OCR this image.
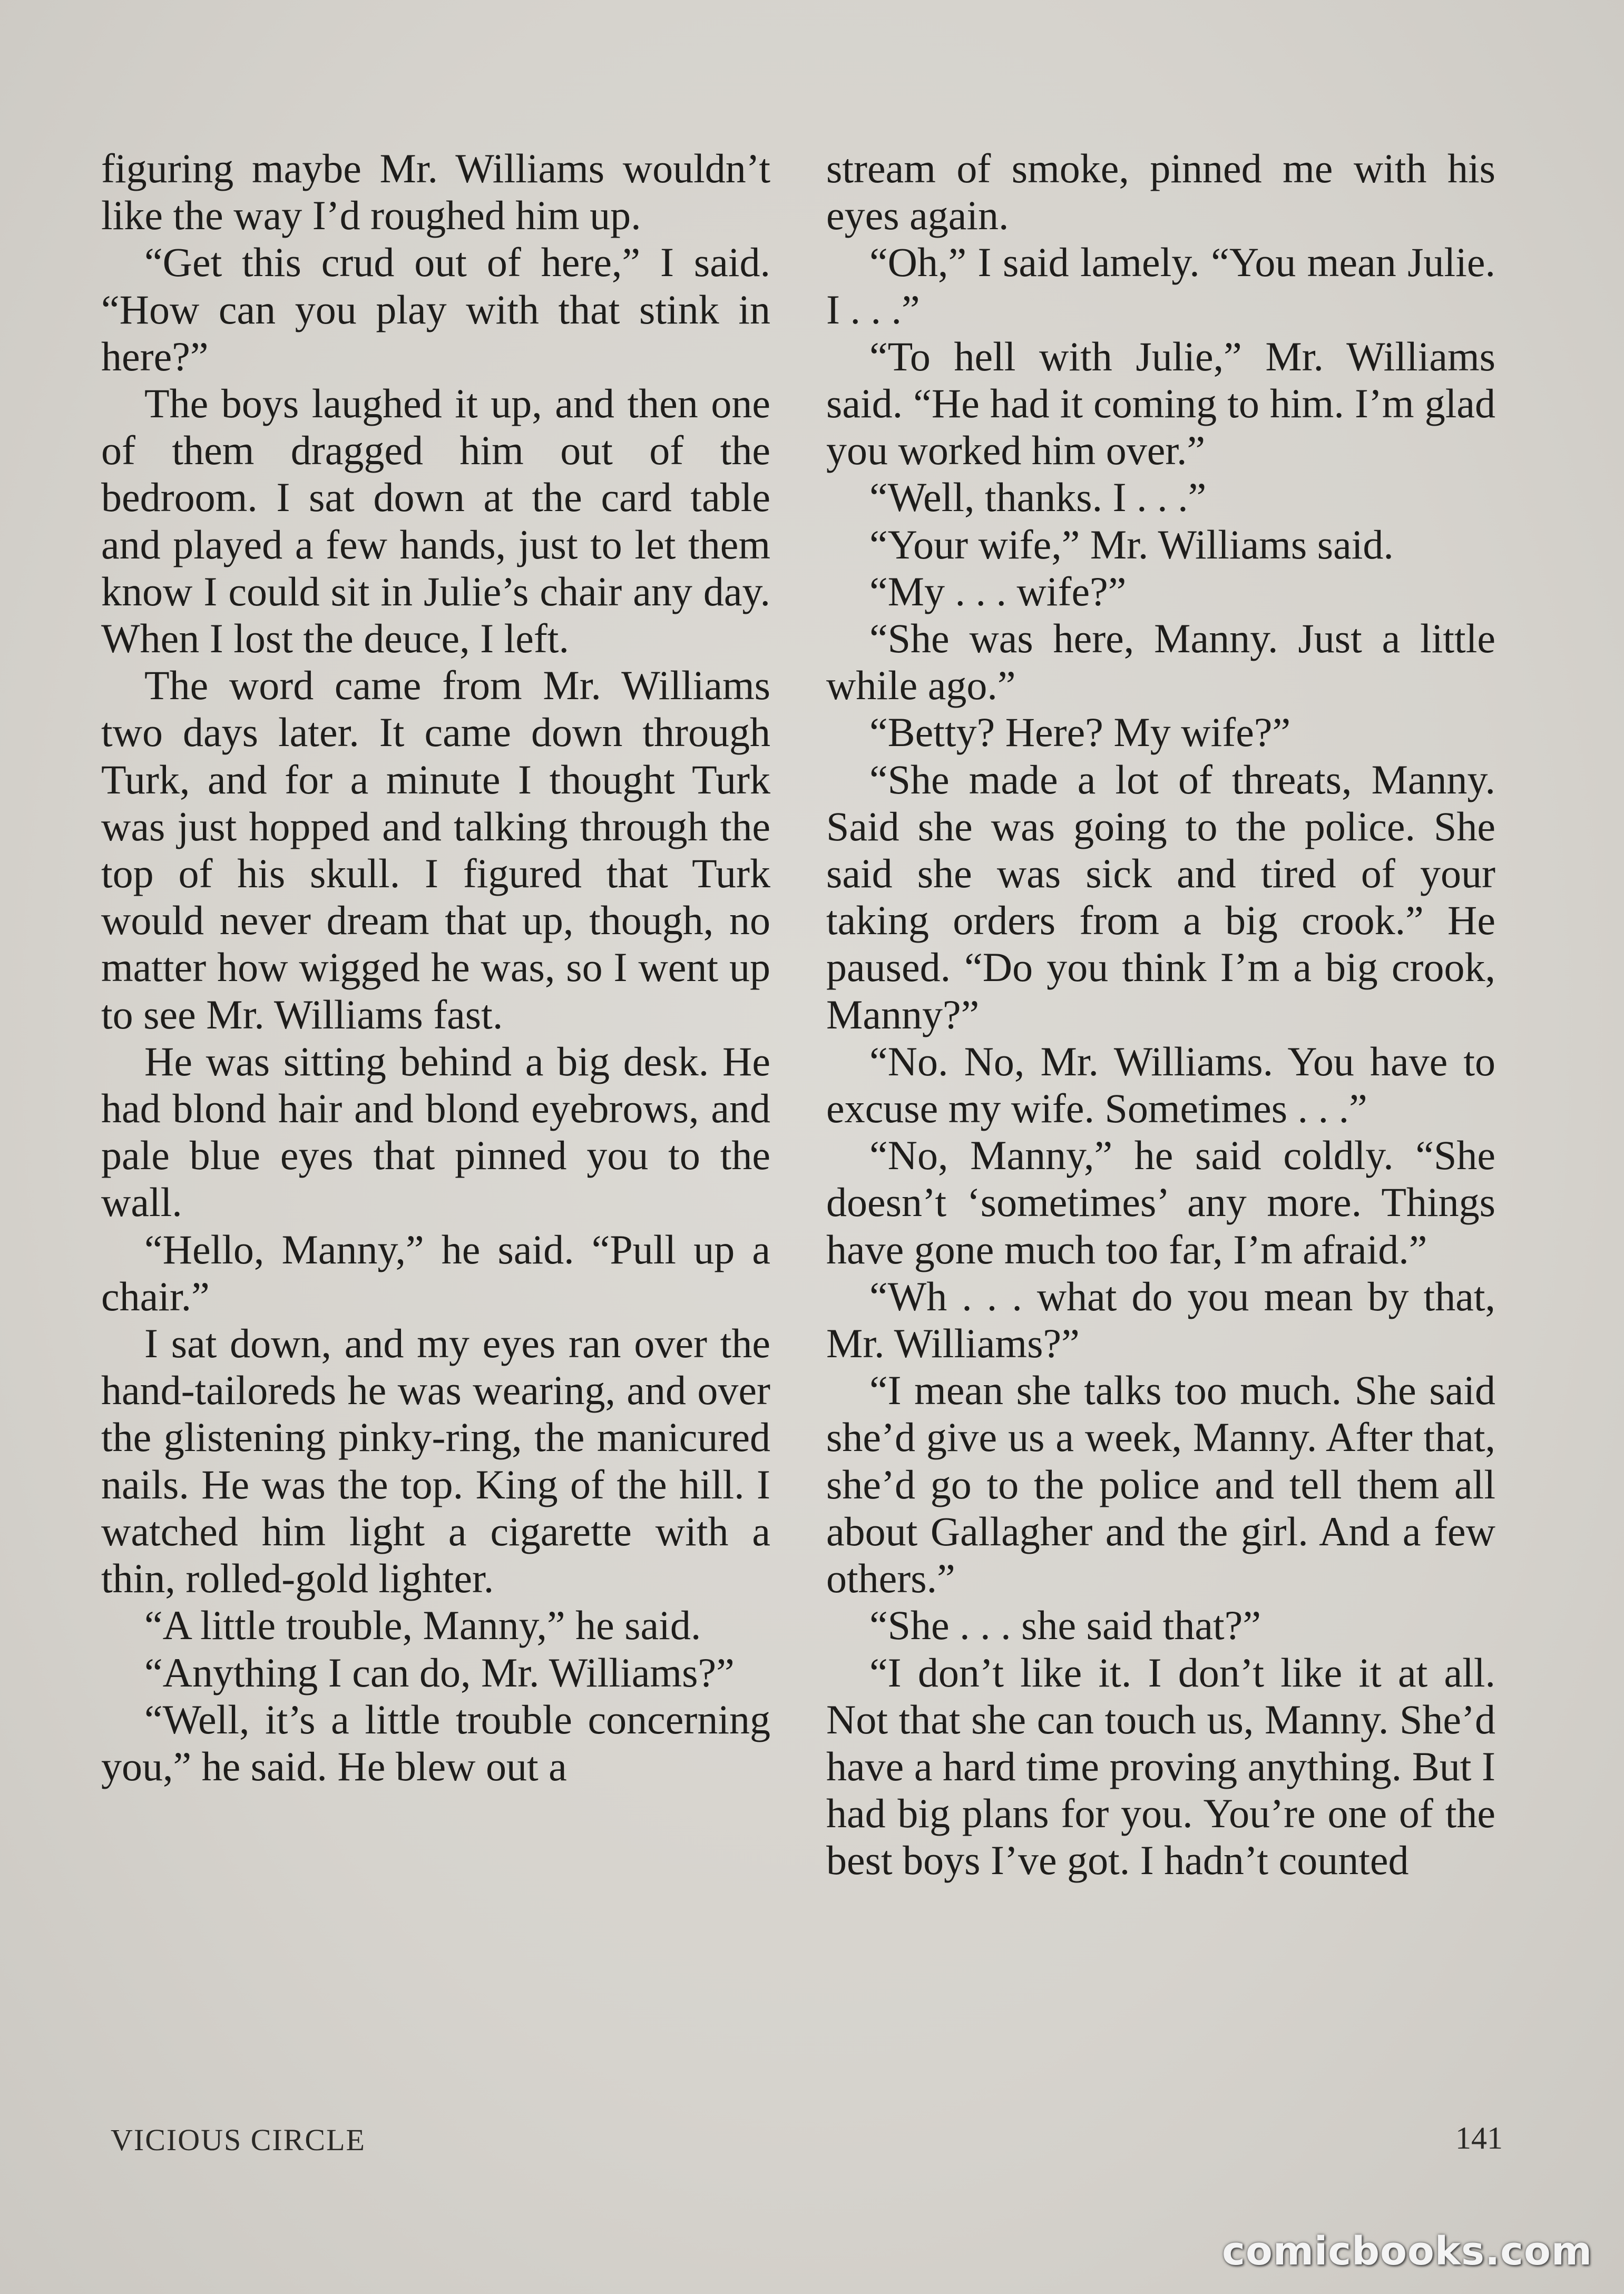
figuring maybe Mr. Williams wouldn’t like the way I’d roughed him up.

“Get this crud out of here,” I said. “How can you play with that stink in here?”

The boys laughed it up, and then one of them dragged him out of the bedroom. I sat down at the card table and played a few hands, just to let them know I could sit in Julie’s chair any day. When I lost the deuce, I left.

The word came from Mr. Williams two days later. It came down through Turk, and for a minute I thought Turk was just hopped and talking through the top of his skull. I figured that Turk would never dream that up, though, no matter how wigged he was, so I went up to see Mr. Williams fast.

He was sitting behind a big desk. He had blond hair and blond eyebrows, and pale blue eyes that pinned you to the wall.

“Hello, Manny,” he said. “Pull up a chair.”

I sat down, and my eyes ran over the hand-tailoreds he was wearing, and over the glistening pinky-ring, the manicured nails. He was the top. King of the hill. I watched him light a cigarette with a thin, rolled-gold lighter.

“A little trouble, Manny,” he said.

“Anything I can do, Mr. Williams?”

“Well, it’s a little trouble concerning you,” he said. He blew out a

stream of smoke, pinned me with his eyes again.

“Oh,” I said lamely. “You mean Julie. I . . .”

“To hell with Julie,” Mr. Williams said. “He had it coming to him. I’m glad you worked him over.”

“Well, thanks. I . . .”

“Your wife,” Mr. Williams said.

“My . . . wife?”

“She was here, Manny. Just a little while ago.”

“Betty? Here? My wife?”

“She made a lot of threats, Manny. Said she was going to the police. She said she was sick and tired of your taking orders from a big crook.” He paused. “Do you think I’m a big crook, Manny?”

“No. No, Mr. Williams. You have to excuse my wife. Sometimes . . .”

“No, Manny,” he said coldly. “She doesn’t ‘sometimes’ any more. Things have gone much too far, I’m afraid.”

“Wh . . . what do you mean by that, Mr. Williams?”

“I mean she talks too much. She said she’d give us a week, Manny. After that, she’d go to the police and tell them all about Gallagher and the girl. And a few others.”

“She . . . she said that?”

“I don’t like it. I don’t like it at all. Not that she can touch us, Manny. She’d have a hard time proving anything. But I had big plans for you. You’re one of the best boys I’ve got. I hadn’t counted

VICIOUS CIRCLE	141
comicbooks.com
